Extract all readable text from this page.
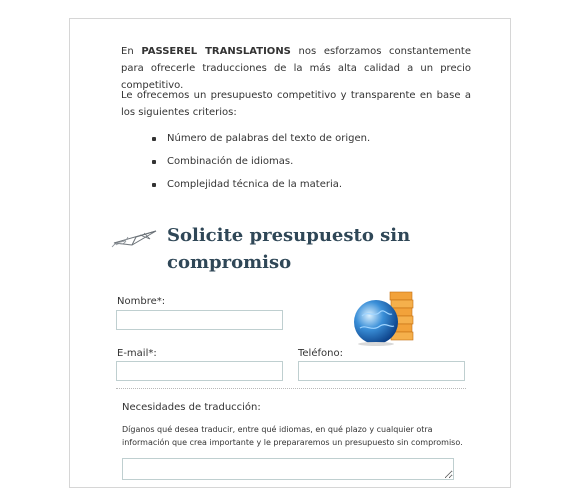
En PASSEREL TRANSLATIONS nos esforzamos constantemente para ofrecerle traducciones de la más alta calidad a un precio competitivo.

Le ofrecemos un presupuesto competitivo y transparente en base a los siguientes criterios:

Número de palabras del texto de origen.
Combinación de idiomas.
Complejidad técnica de la materia.
Solicite presupuesto sin compromiso
Nombre*:
E-mail*:	Teléfono:
Necesidades de traducción:

Díganos qué desea traducir, entre qué idiomas, en qué plazo y cualquier otra información que crea importante y le prepararemos un presupuesto sin compromiso.
